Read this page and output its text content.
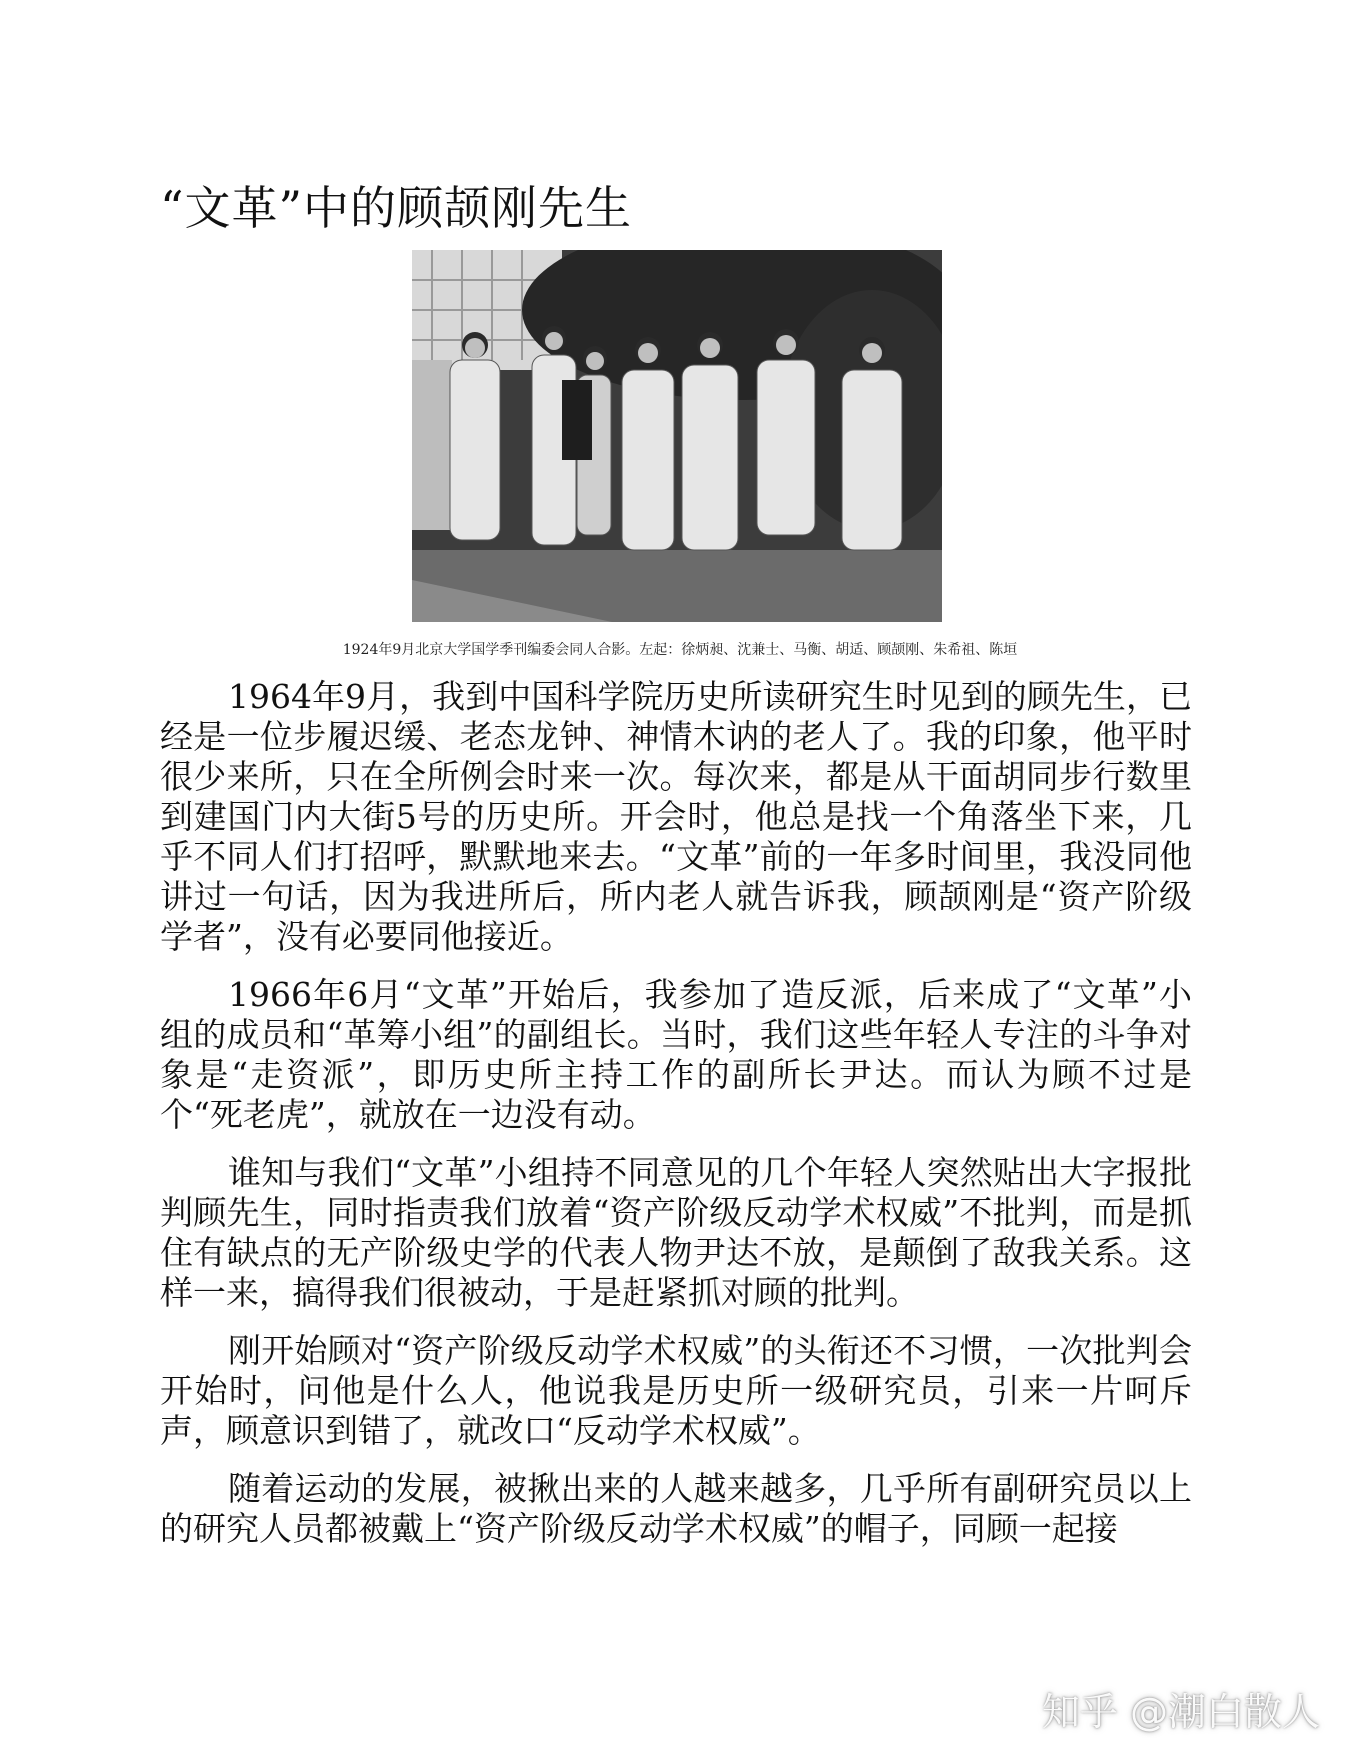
“文革”中的顾颉刚先生
1924年9月北京大学国学季刊编委会同人合影。左起：徐炳昶、沈兼士、马衡、胡适、顾颉刚、朱希祖、陈垣

1964年9月，我到中国科学院历史所读研究生时见到的顾先生，已经是一位步履迟缓、老态龙钟、神情木讷的老人了。我的印象，他平时很少来所，只在全所例会时来一次。每次来，都是从干面胡同步行数里到建国门内大街5号的历史所。开会时，他总是找一个角落坐下来，几乎不同人们打招呼，默默地来去。“文革”前的一年多时间里，我没同他讲过一句话，因为我进所后，所内老人就告诉我，顾颉刚是“资产阶级学者”，没有必要同他接近。

1966年6月“文革”开始后，我参加了造反派，后来成了“文革”小组的成员和“革筹小组”的副组长。当时，我们这些年轻人专注的斗争对象是“走资派”，即历史所主持工作的副所长尹达。而认为顾不过是个“死老虎”，就放在一边没有动。

谁知与我们“文革”小组持不同意见的几个年轻人突然贴出大字报批判顾先生，同时指责我们放着“资产阶级反动学术权威”不批判，而是抓住有缺点的无产阶级史学的代表人物尹达不放，是颠倒了敌我关系。这样一来，搞得我们很被动，于是赶紧抓对顾的批判。

刚开始顾对“资产阶级反动学术权威”的头衔还不习惯，一次批判会开始时，问他是什么人，他说我是历史所一级研究员，引来一片呵斥声，顾意识到错了，就改口“反动学术权威”。

随着运动的发展，被揪出来的人越来越多，几乎所有副研究员以上的研究人员都被戴上“资产阶级反动学术权威”的帽子，同顾一起接

知乎 @潮白散人
